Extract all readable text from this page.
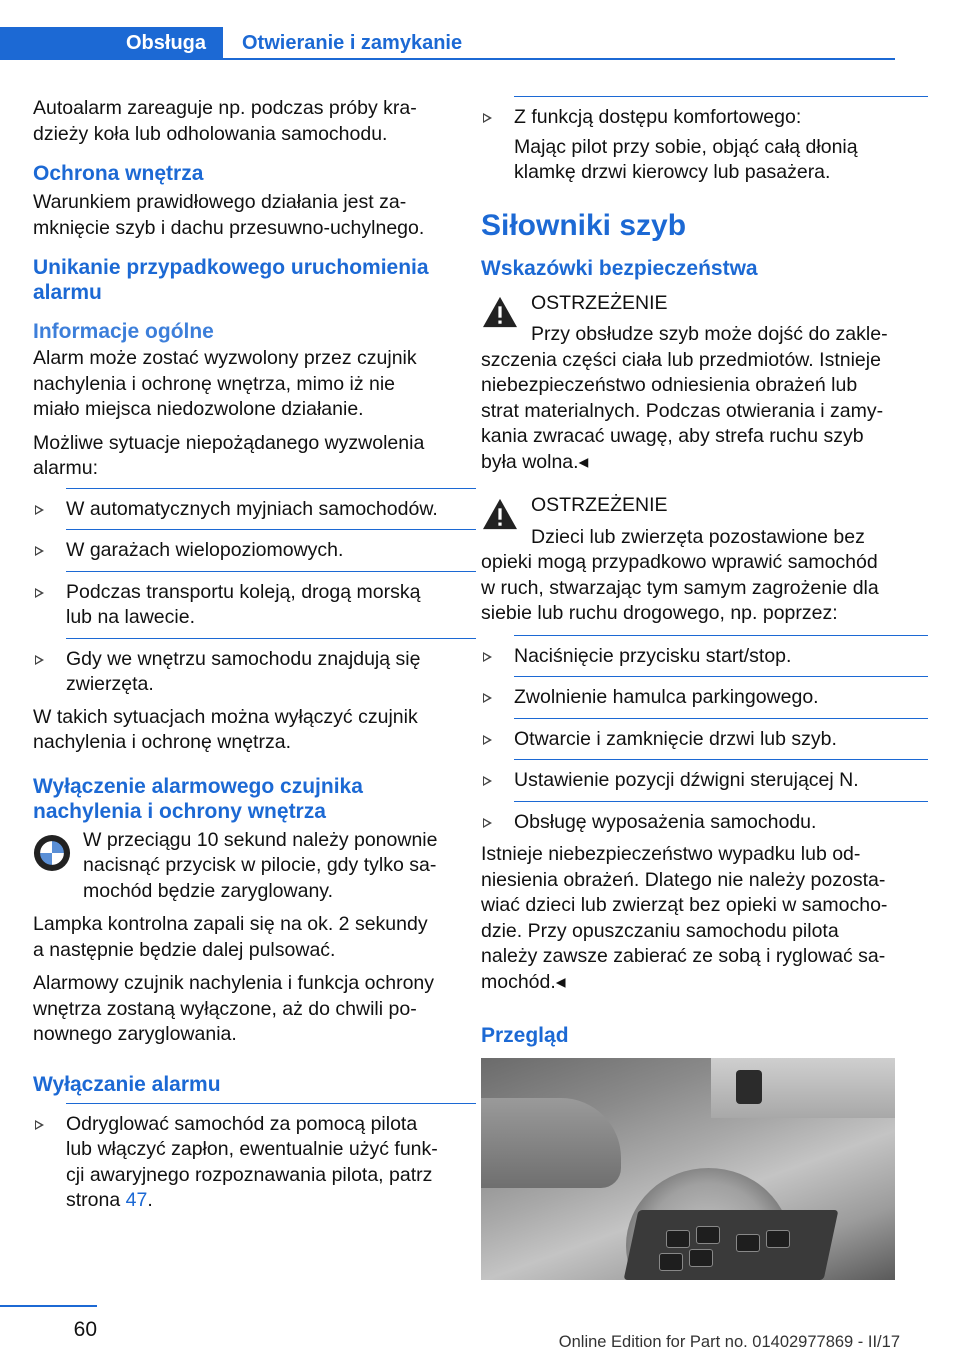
Obsługa	Otwieranie i zamykanie

Autoalarm zareaguje np. podczas próby kradzieży koła lub odholowania samochodu.

Ochrona wnętrza

Warunkiem prawidłowego działania jest zamknięcie szyb i dachu przesuwno-uchylnego.

Unikanie przypadkowego uruchomienia alarmu
Informacje ogólne

Alarm może zostać wyzwolony przez czujnik nachylenia i ochronę wnętrza, mimo iż nie miało miejsca niedozwolone działanie.

Możliwe sytuacje niepożądanego wyzwolenia alarmu:

W automatycznych myjniach samochodów.
W garażach wielopoziomowych.
Podczas transportu koleją, drogą morską lub na lawecie.
Gdy we wnętrzu samochodu znajdują się zwierzęta.

W takich sytuacjach można wyłączyć czujnik nachylenia i ochronę wnętrza.

Wyłączenie alarmowego czujnika nachylenia i ochrony wnętrza

W przeciągu 10 sekund należy ponownie nacisnąć przycisk w pilocie, gdy tylko samochód będzie zaryglowany.

Lampka kontrolna zapali się na ok. 2 sekundy a następnie będzie dalej pulsować.

Alarmowy czujnik nachylenia i funkcja ochrony wnętrza zostaną wyłączone, aż do chwili ponownego zaryglowania.

Wyłączanie alarmu
Odryglować samochód za pomocą pilota lub włączyć zapłon, ewentualnie użyć funkcji awaryjnego rozpoznawania pilota, patrz strona 47.
Z funkcją dostępu komfortowego:

Mając pilot przy sobie, objąć całą dłonią klamkę drzwi kierowcy lub pasażera.

Siłowniki szyb
Wskazówki bezpieczeństwa
OSTRZEŻENIE

Przy obsłudze szyb może dojść do zakleszczenia części ciała lub przedmiotów. Istnieje niebezpieczeństwo odniesienia obrażeń lub strat materialnych. Podczas otwierania i zamykania zwracać uwagę, aby strefa ruchu szyb była wolna.◂

OSTRZEŻENIE

Dzieci lub zwierzęta pozostawione bez opieki mogą przypadkowo wprawić samochód w ruch, stwarzając tym samym zagrożenie dla siebie lub ruchu drogowego, np. poprzez:

Naciśnięcie przycisku start/stop.
Zwolnienie hamulca parkingowego.
Otwarcie i zamknięcie drzwi lub szyb.
Ustawienie pozycji dźwigni sterującej N.
Obsługę wyposażenia samochodu.

Istnieje niebezpieczeństwo wypadku lub odniesienia obrażeń. Dlatego nie należy pozostawiać dzieci lub zwierząt bez opieki w samochodzie. Przy opuszczaniu samochodu pilota należy zawsze zabierać ze sobą i ryglować samochód.◂

Przegląd
60
Online Edition for Part no. 01402977869 - II/17
